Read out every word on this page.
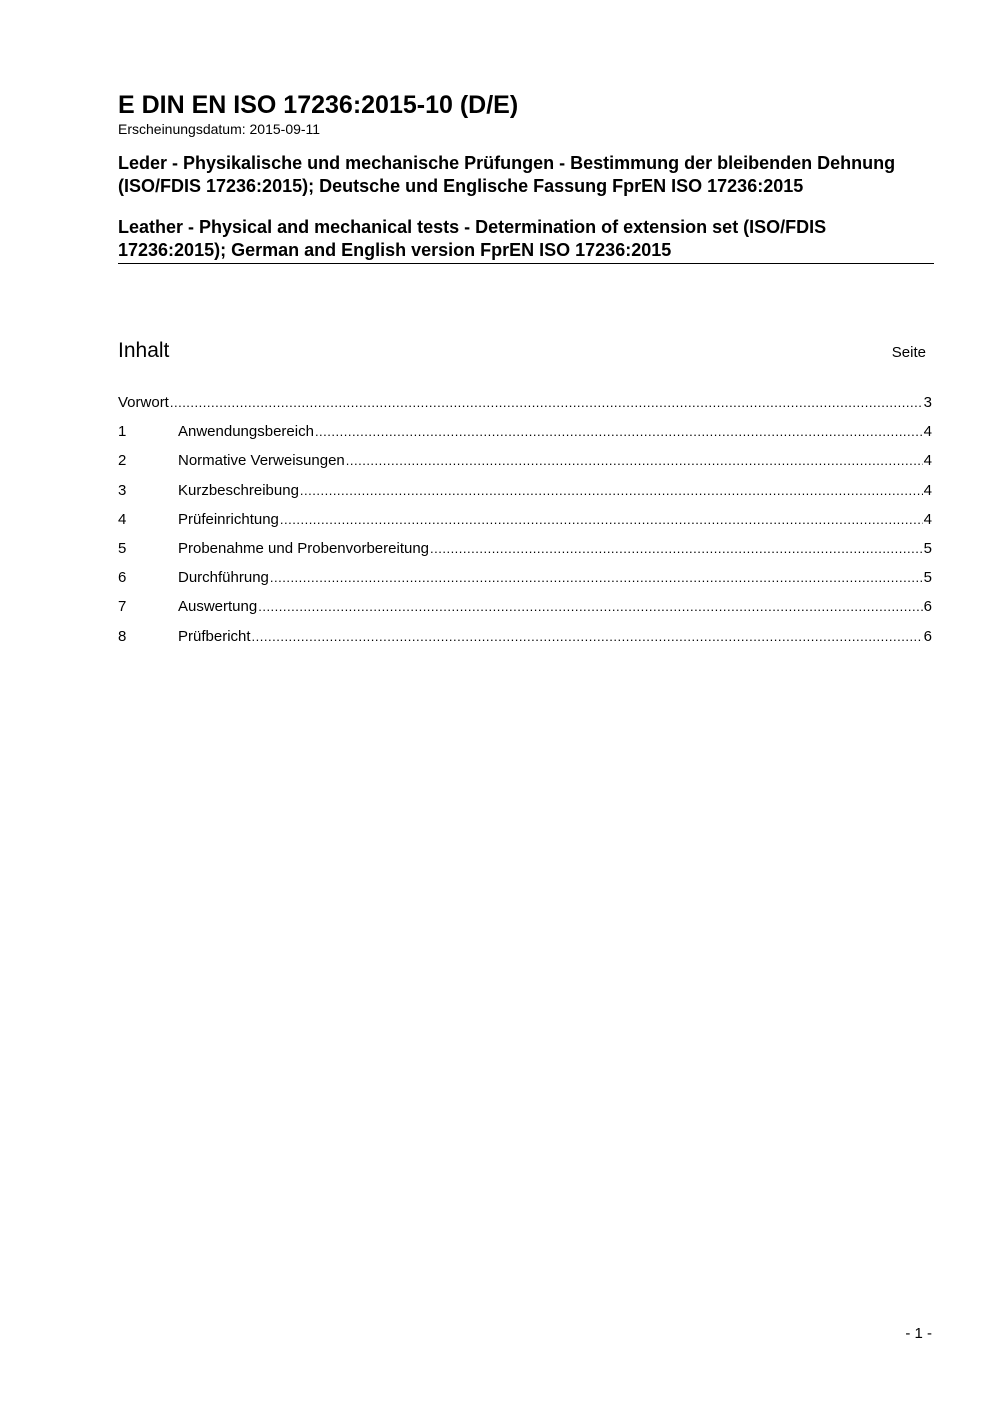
E DIN EN ISO 17236:2015-10 (D/E)

Erscheinungsdatum: 2015-09-11

Leder - Physikalische und mechanische Prüfungen - Bestimmung der bleibenden Dehnung (ISO/FDIS 17236:2015); Deutsche und Englische Fassung FprEN ISO 17236:2015

Leather - Physical and mechanical tests - Determination of extension set (ISO/FDIS 17236:2015); German and English version FprEN ISO 17236:2015

Inhalt	Seite
Vorwort .....	3
1	Anwendungsbereich .....	4
2	Normative Verweisungen .....	4
3	Kurzbeschreibung .....	4
4	Prüfeinrichtung .....	4
5	Probenahme und Probenvorbereitung .....	5
6	Durchführung .....	5
7	Auswertung .....	6
8	Prüfbericht .....	6
- 1 -
